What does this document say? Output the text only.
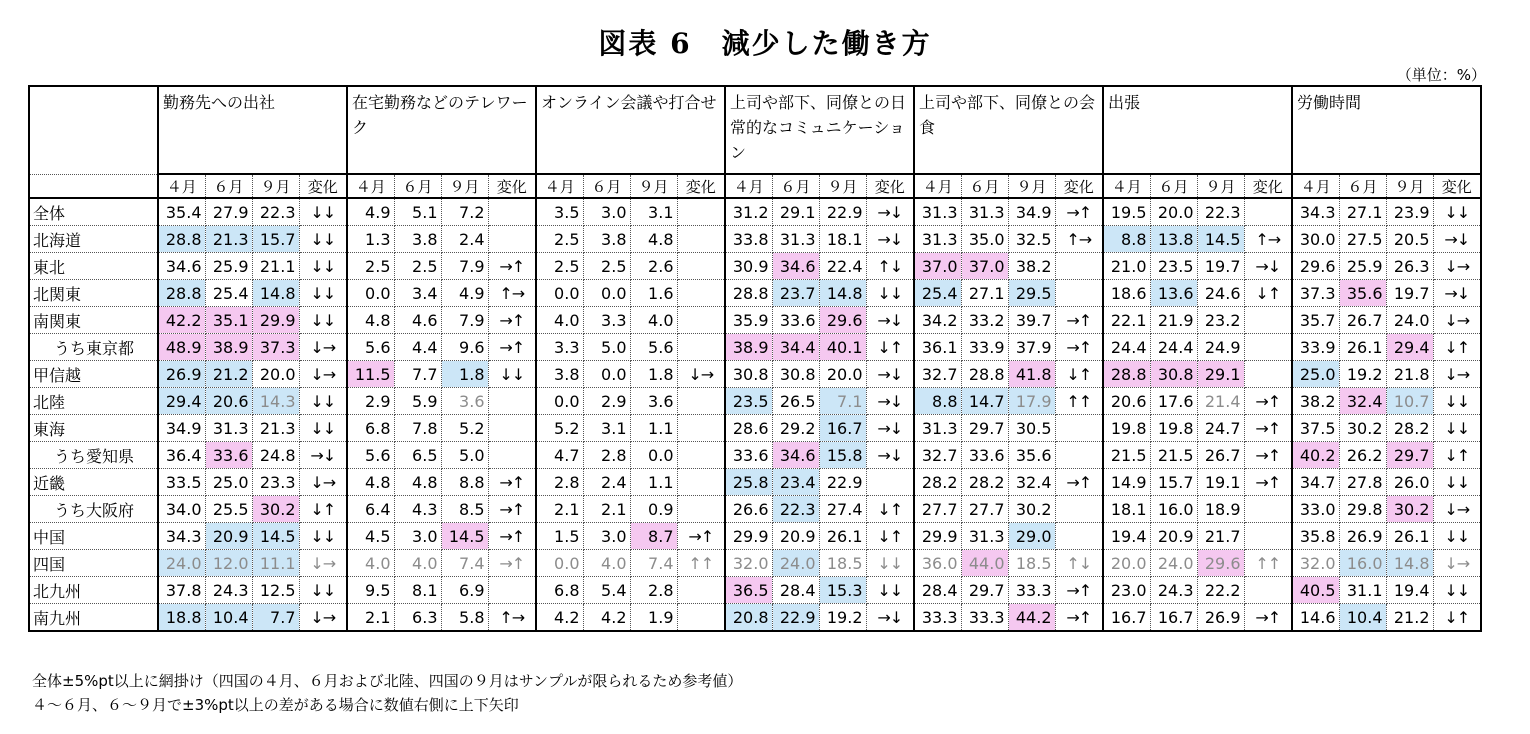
図表 6　減少した働き方
（単位：%）
	勤務先への出社				在宅勤務などのテレワーク				オンライン会議や打合せ				上司や部下、同僚との日常的なコミュニケーション				上司や部下、同僚との会食				出張				労働時間			
	４月	６月	９月	変化	４月	６月	９月	変化	４月	６月	９月	変化	４月	６月	９月	変化	４月	６月	９月	変化	４月	６月	９月	変化	４月	６月	９月	変化
全体	35.4	27.9	22.3	↓↓	4.9	5.1	7.2		3.5	3.0	3.1		31.2	29.1	22.9	→↓	31.3	31.3	34.9	→↑	19.5	20.0	22.3		34.3	27.1	23.9	↓↓
北海道	28.8	21.3	15.7	↓↓	1.3	3.8	2.4		2.5	3.8	4.8		33.8	31.3	18.1	→↓	31.3	35.0	32.5	↑→	8.8	13.8	14.5	↑→	30.0	27.5	20.5	→↓
東北	34.6	25.9	21.1	↓↓	2.5	2.5	7.9	→↑	2.5	2.5	2.6		30.9	34.6	22.4	↑↓	37.0	37.0	38.2		21.0	23.5	19.7	→↓	29.6	25.9	26.3	↓→
北関東	28.8	25.4	14.8	↓↓	0.0	3.4	4.9	↑→	0.0	0.0	1.6		28.8	23.7	14.8	↓↓	25.4	27.1	29.5		18.6	13.6	24.6	↓↑	37.3	35.6	19.7	→↓
南関東	42.2	35.1	29.9	↓↓	4.8	4.6	7.9	→↑	4.0	3.3	4.0		35.9	33.6	29.6	→↓	34.2	33.2	39.7	→↑	22.1	21.9	23.2		35.7	26.7	24.0	↓→
うち東京都	48.9	38.9	37.3	↓→	5.6	4.4	9.6	→↑	3.3	5.0	5.6		38.9	34.4	40.1	↓↑	36.1	33.9	37.9	→↑	24.4	24.4	24.9		33.9	26.1	29.4	↓↑
甲信越	26.9	21.2	20.0	↓→	11.5	7.7	1.8	↓↓	3.8	0.0	1.8	↓→	30.8	30.8	20.0	→↓	32.7	28.8	41.8	↓↑	28.8	30.8	29.1		25.0	19.2	21.8	↓→
北陸	29.4	20.6	14.3	↓↓	2.9	5.9	3.6		0.0	2.9	3.6		23.5	26.5	7.1	→↓	8.8	14.7	17.9	↑↑	20.6	17.6	21.4	→↑	38.2	32.4	10.7	↓↓
東海	34.9	31.3	21.3	↓↓	6.8	7.8	5.2		5.2	3.1	1.1		28.6	29.2	16.7	→↓	31.3	29.7	30.5		19.8	19.8	24.7	→↑	37.5	30.2	28.2	↓↓
うち愛知県	36.4	33.6	24.8	→↓	5.6	6.5	5.0		4.7	2.8	0.0		33.6	34.6	15.8	→↓	32.7	33.6	35.6		21.5	21.5	26.7	→↑	40.2	26.2	29.7	↓↑
近畿	33.5	25.0	23.3	↓→	4.8	4.8	8.8	→↑	2.8	2.4	1.1		25.8	23.4	22.9		28.2	28.2	32.4	→↑	14.9	15.7	19.1	→↑	34.7	27.8	26.0	↓↓
うち大阪府	34.0	25.5	30.2	↓↑	6.4	4.3	8.5	→↑	2.1	2.1	0.9		26.6	22.3	27.4	↓↑	27.7	27.7	30.2		18.1	16.0	18.9		33.0	29.8	30.2	↓→
中国	34.3	20.9	14.5	↓↓	4.5	3.0	14.5	→↑	1.5	3.0	8.7	→↑	29.9	20.9	26.1	↓↑	29.9	31.3	29.0		19.4	20.9	21.7		35.8	26.9	26.1	↓↓
四国	24.0	12.0	11.1	↓→	4.0	4.0	7.4	→↑	0.0	4.0	7.4	↑↑	32.0	24.0	18.5	↓↓	36.0	44.0	18.5	↑↓	20.0	24.0	29.6	↑↑	32.0	16.0	14.8	↓→
北九州	37.8	24.3	12.5	↓↓	9.5	8.1	6.9		6.8	5.4	2.8		36.5	28.4	15.3	↓↓	28.4	29.7	33.3	→↑	23.0	24.3	22.2		40.5	31.1	19.4	↓↓
南九州	18.8	10.4	7.7	↓→	2.1	6.3	5.8	↑→	4.2	4.2	1.9		20.8	22.9	19.2	→↓	33.3	33.3	44.2	→↑	16.7	16.7	26.9	→↑	14.6	10.4	21.2	↓↑
全体±5%pt以上に網掛け（四国の４月、６月および北陸、四国の９月はサンプルが限られるため参考値）
４～６月、６～９月で±3%pt以上の差がある場合に数値右側に上下矢印
